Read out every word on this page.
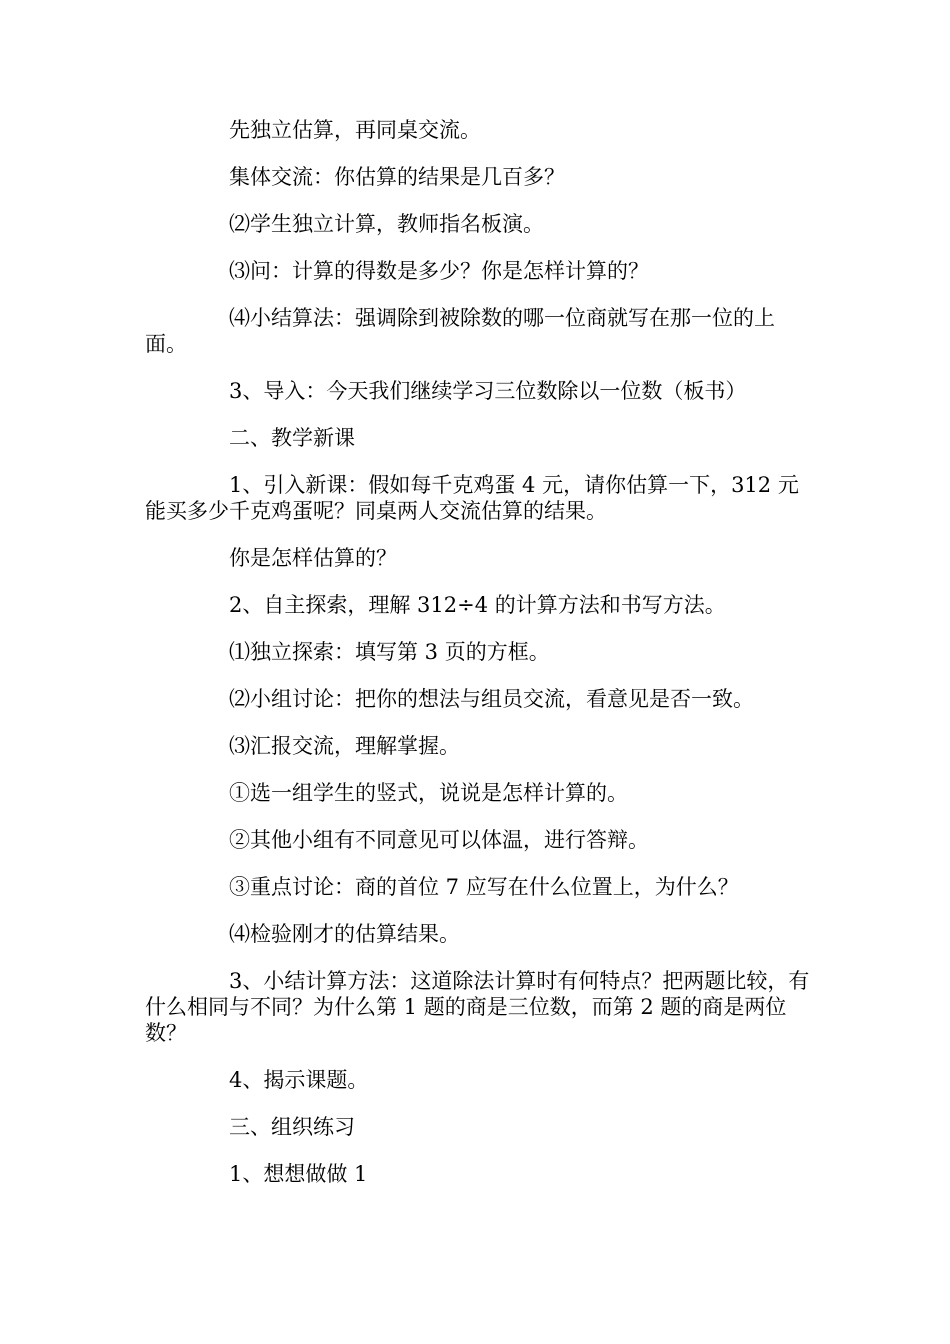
先独立估算，再同桌交流。

集体交流：你估算的结果是几百多？

⑵学生独立计算，教师指名板演。

⑶问：计算的得数是多少？你是怎样计算的？

⑷小结算法：强调除到被除数的哪一位商就写在那一位的上面。

3、导入：今天我们继续学习三位数除以一位数（板书）

二、教学新课

1、引入新课：假如每千克鸡蛋 4 元，请你估算一下，312 元能买多少千克鸡蛋呢？同桌两人交流估算的结果。

你是怎样估算的？

2、自主探索，理解 312÷4 的计算方法和书写方法。

⑴独立探索：填写第 3 页的方框。

⑵小组讨论：把你的想法与组员交流，看意见是否一致。

⑶汇报交流，理解掌握。

①选一组学生的竖式，说说是怎样计算的。

②其他小组有不同意见可以体温，进行答辩。

③重点讨论：商的首位 7 应写在什么位置上，为什么？

⑷检验刚才的估算结果。

3、小结计算方法：这道除法计算时有何特点？把两题比较，有什么相同与不同？为什么第 1 题的商是三位数，而第 2 题的商是两位数？

4、揭示课题。

三、组织练习

1、想想做做 1
